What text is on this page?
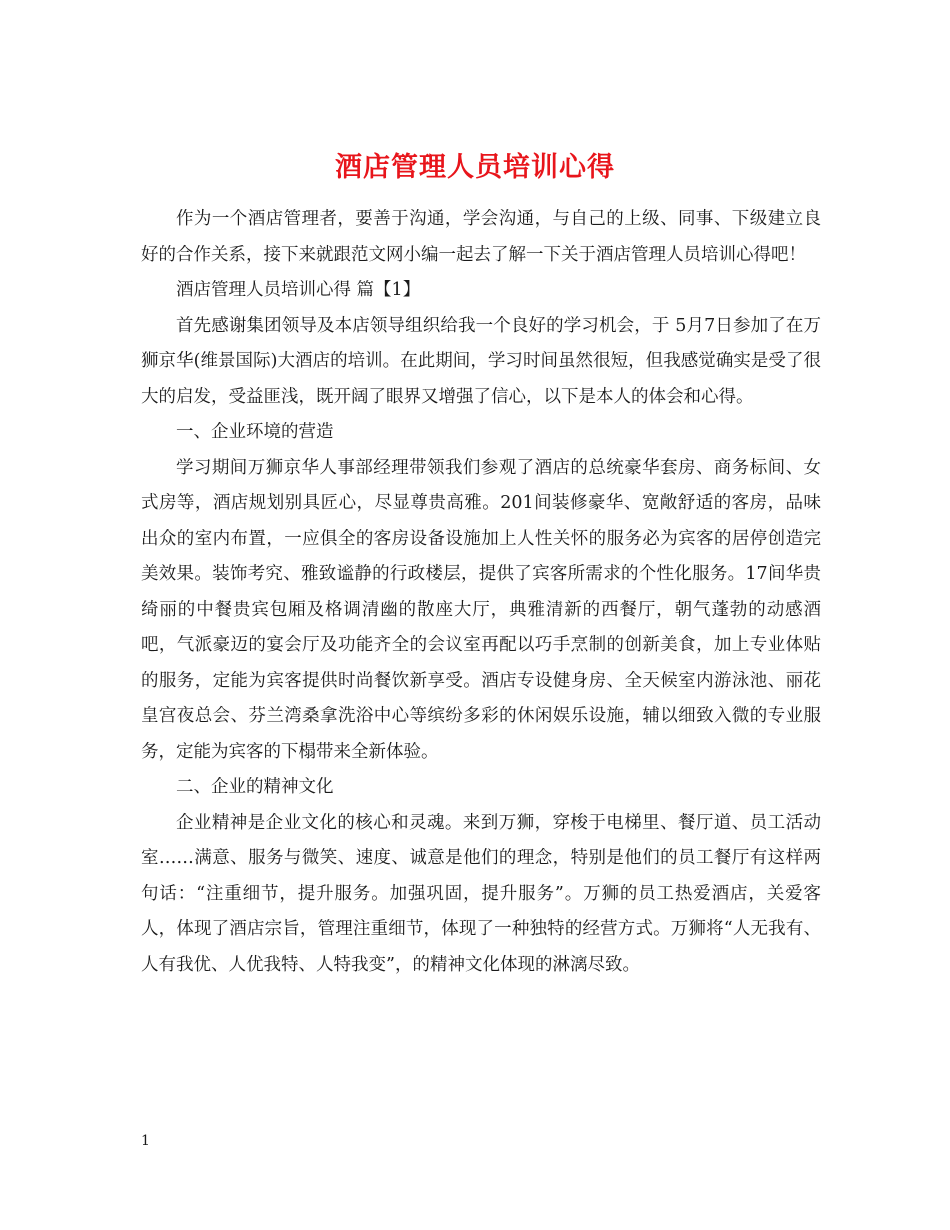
酒店管理人员培训心得

作为一个酒店管理者，要善于沟通，学会沟通，与自己的上级、同事、下级建立良好的合作关系，接下来就跟范文网小编一起去了解一下关于酒店管理人员培训心得吧！

酒店管理人员培训心得 篇【1】

首先感谢集团领导及本店领导组织给我一个良好的学习机会，于 5月7日参加了在万狮京华(维景国际)大酒店的培训。在此期间，学习时间虽然很短，但我感觉确实是受了很大的启发，受益匪浅，既开阔了眼界又增强了信心，以下是本人的体会和心得。

一、企业环境的营造

学习期间万狮京华人事部经理带领我们参观了酒店的总统豪华套房、商务标间、女式房等，酒店规划别具匠心，尽显尊贵高雅。201间装修豪华、宽敞舒适的客房，品味出众的室内布置，一应俱全的客房设备设施加上人性关怀的服务必为宾客的居停创造完美效果。装饰考究、雅致谧静的行政楼层，提供了宾客所需求的个性化服务。17间华贵绮丽的中餐贵宾包厢及格调清幽的散座大厅，典雅清新的西餐厅，朝气蓬勃的动感酒吧，气派豪迈的宴会厅及功能齐全的会议室再配以巧手烹制的创新美食，加上专业体贴的服务，定能为宾客提供时尚餐饮新享受。酒店专设健身房、全天候室内游泳池、丽花皇宫夜总会、芬兰湾桑拿洗浴中心等缤纷多彩的休闲娱乐设施，辅以细致入微的专业服务，定能为宾客的下榻带来全新体验。

二、企业的精神文化

企业精神是企业文化的核心和灵魂。来到万狮，穿梭于电梯里、餐厅道、员工活动室……满意、服务与微笑、速度、诚意是他们的理念，特别是他们的员工餐厅有这样两句话：“注重细节，提升服务。加强巩固，提升服务”。万狮的员工热爱酒店，关爱客人，体现了酒店宗旨，管理注重细节，体现了一种独特的经营方式。万狮将“人无我有、人有我优、人优我特、人特我变”，的精神文化体现的淋漓尽致。

1
